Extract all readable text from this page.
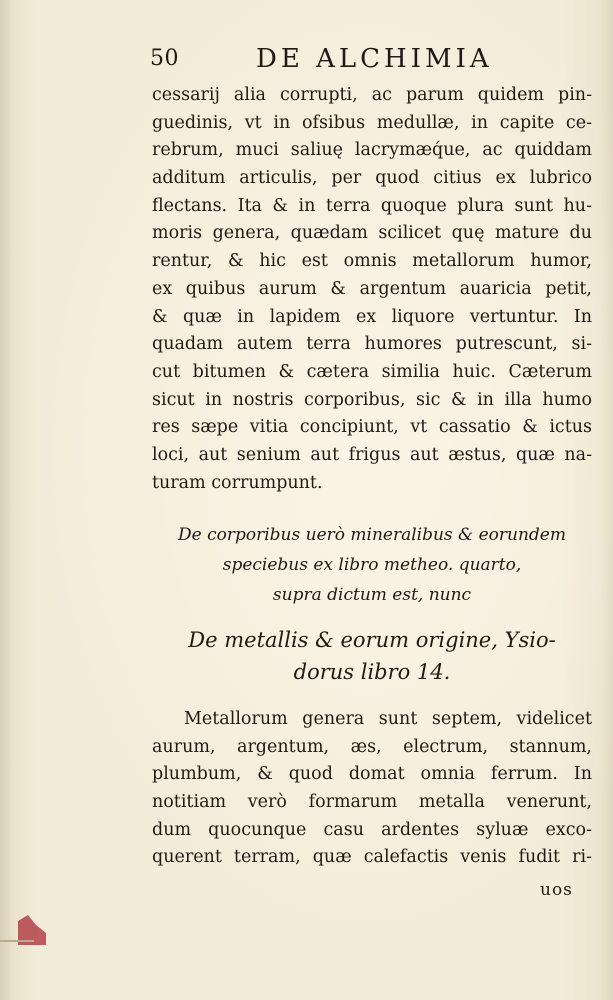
50	DE ALCHIMIA
cessarij alia corrupti, ac parum quidem pin-
guedinis, vt in ofsibus medullæ, in capite ce-
rebrum, muci saliuę lacrymæq́ue, ac quiddam
additum articulis, per quod citius ex lubrico
flectans. Ita & in terra quoque plura sunt hu-
moris genera, quædam scilicet quę mature du
rentur, & hic est omnis metallorum humor,
ex quibus aurum & argentum auaricia petit,
& quæ in lapidem ex liquore vertuntur. In
quadam autem terra humores putrescunt, si-
cut bitumen & cætera similia huic. Cæterum
sicut in nostris corporibus, sic & in illa humo
res sæpe vitia concipiunt, vt cassatio & ictus
loci, aut senium aut frigus aut æstus, quæ na-
turam corrumpunt.
De corporibus uerò mineralibus & eorundem
speciebus ex libro metheo. quarto,
supra dictum est, nunc
De metallis & eorum origine, Ysio-
dorus libro 14.
Metallorum genera sunt septem, videlicet
aurum, argentum, æs, electrum, stannum,
plumbum, & quod domat omnia ferrum. In
notitiam verò formarum metalla venerunt,
dum quocunque casu ardentes syluæ exco-
querent terram, quæ calefactis venis fudit ri-
uos
